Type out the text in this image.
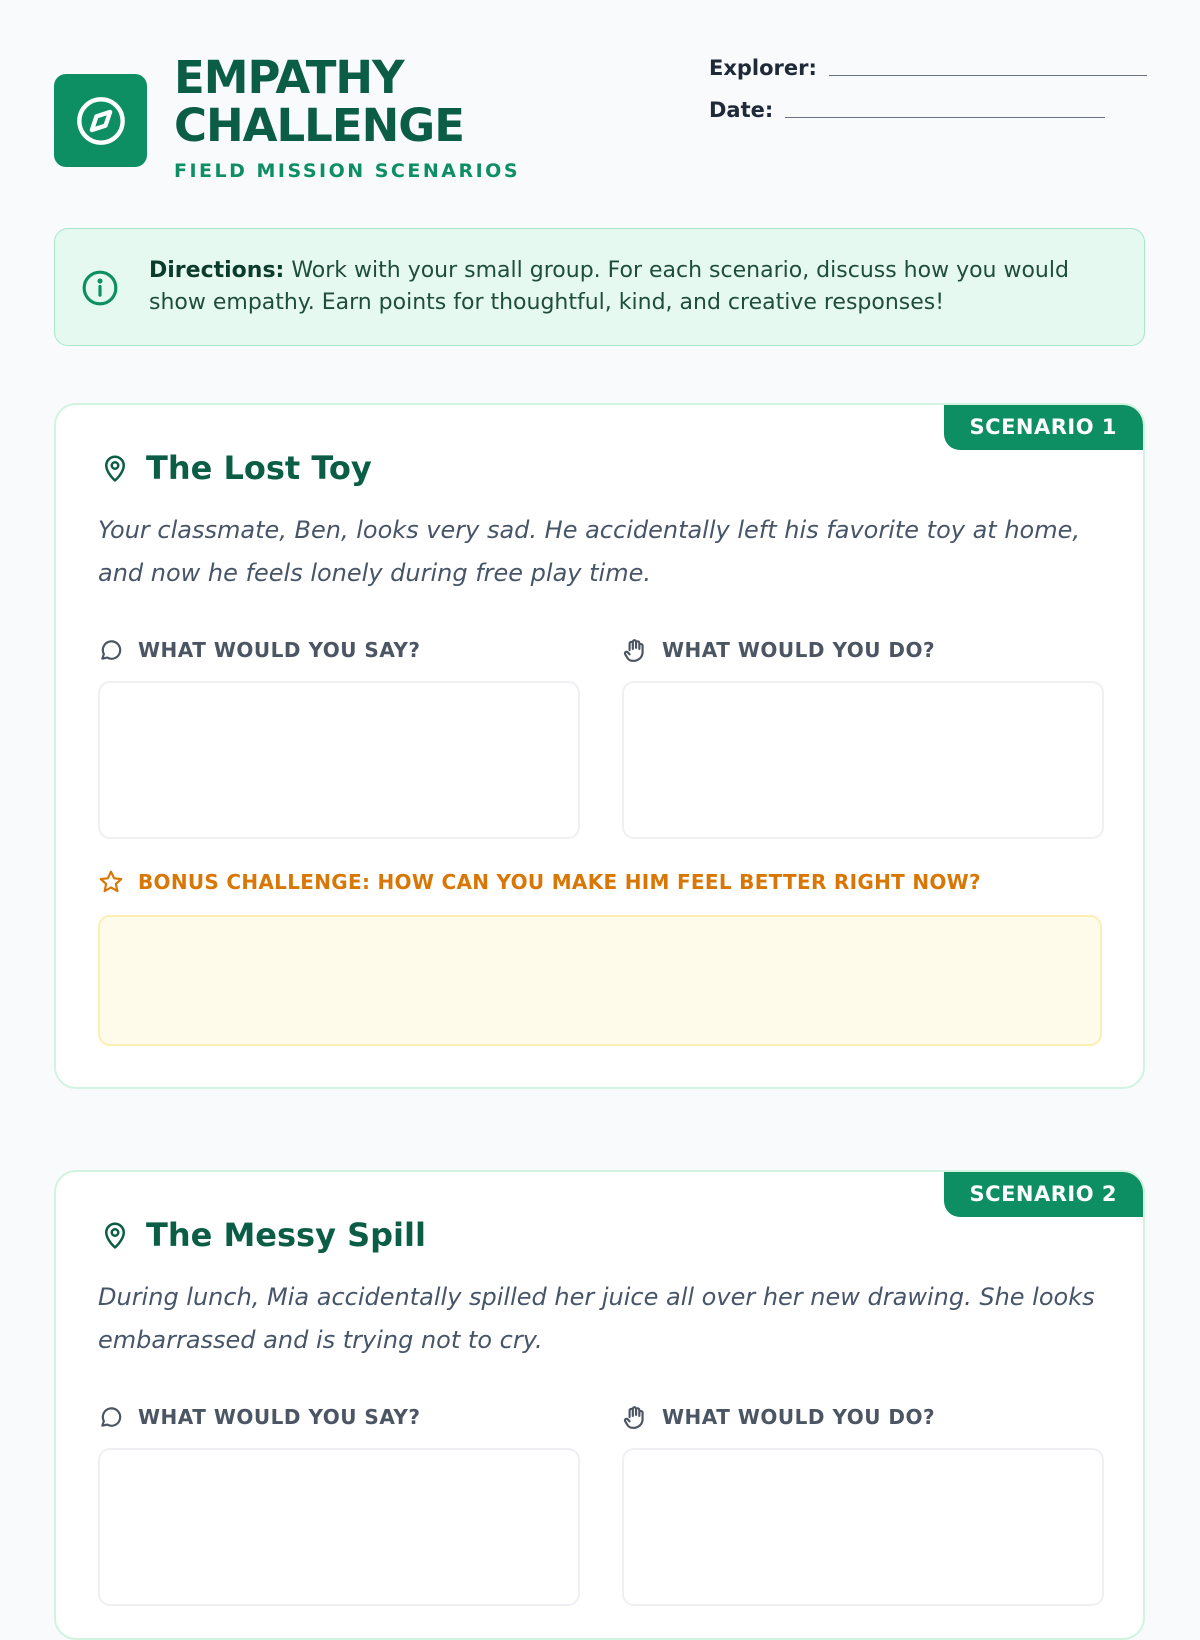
EMPATHY
CHALLENGE
FIELD MISSION SCENARIOS
Explorer:
Date:
Directions: Work with your small group. For each scenario, discuss how you would show empathy. Earn points for thoughtful, kind, and creative responses!
SCENARIO 1
The Lost Toy
Your classmate, Ben, looks very sad. He accidentally left his favorite toy at home, and now he feels lonely during free play time.
WHAT WOULD YOU SAY?	WHAT WOULD YOU DO?
BONUS CHALLENGE: HOW CAN YOU MAKE HIM FEEL BETTER RIGHT NOW?
SCENARIO 2
The Messy Spill
During lunch, Mia accidentally spilled her juice all over her new drawing. She looks embarrassed and is trying not to cry.
WHAT WOULD YOU SAY?	WHAT WOULD YOU DO?
